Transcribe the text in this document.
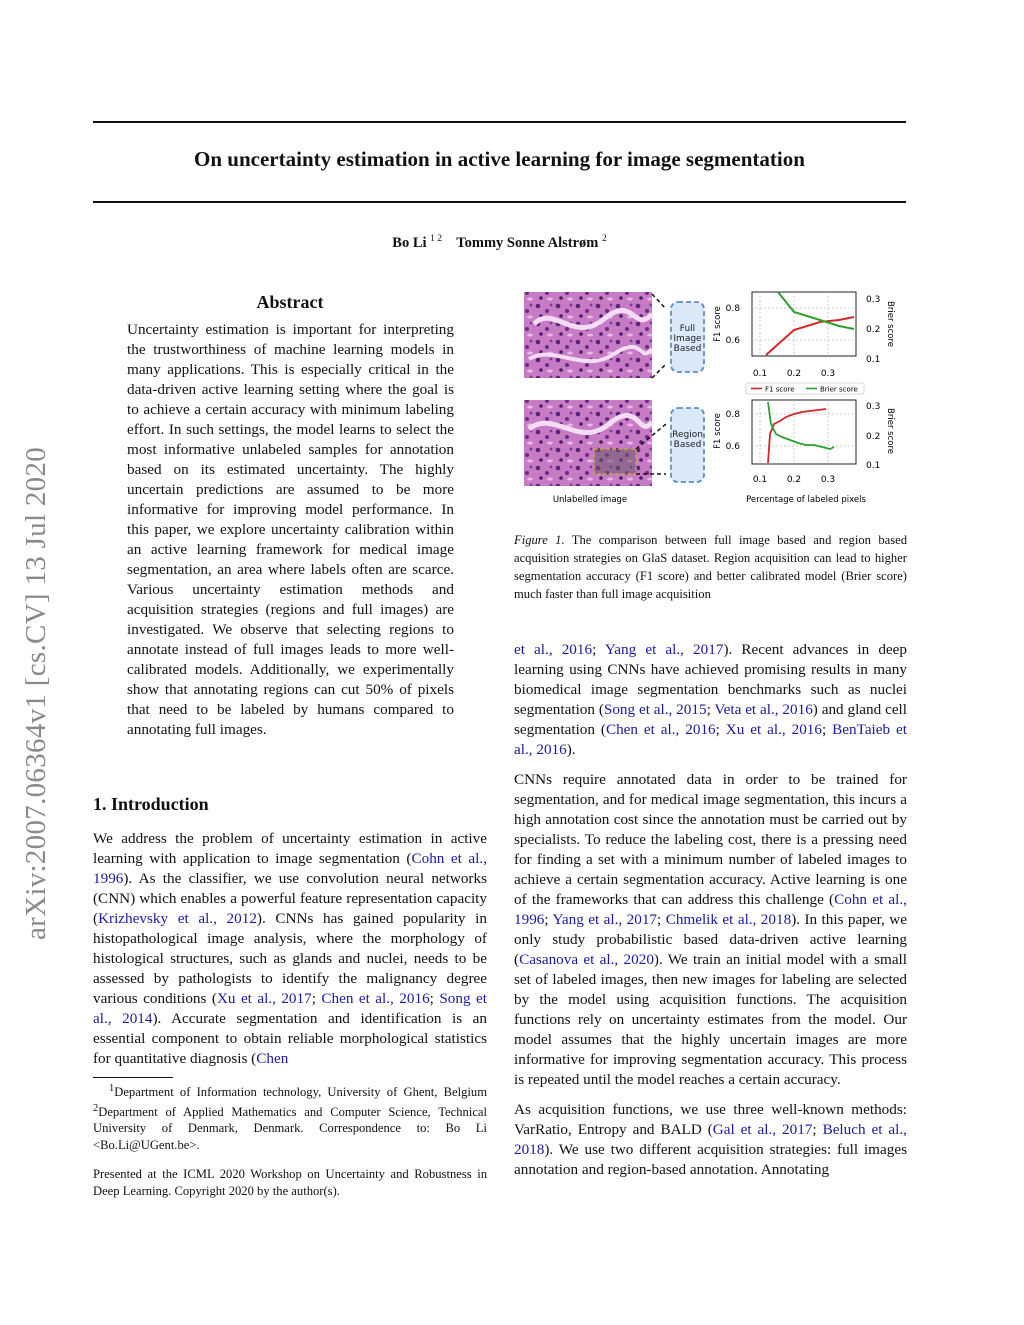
On uncertainty estimation in active learning for image segmentation
Bo Li $^{1 2}$ Tommy Sonne Alstrøm $^2$
arXiv:2007.06364v1 [cs.CV] 13 Jul 2020
Abstract

Uncertainty estimation is important for interpreting the trustworthiness of machine learning models in many applications. This is especially critical in the data-driven active learning setting where the goal is to achieve a certain accuracy with minimum labeling effort. In such settings, the model learns to select the most informative unlabeled samples for annotation based on its estimated uncertainty. The highly uncertain predictions are assumed to be more informative for improving model performance. In this paper, we explore uncertainty calibration within an active learning framework for medical image segmentation, an area where labels often are scarce. Various uncertainty estimation methods and acquisition strategies (regions and full images) are investigated. We observe that selecting regions to annotate instead of full images leads to more well-calibrated models. Additionally, we experimentally show that annotating regions can cut 50% of pixels that need to be labeled by humans compared to annotating full images.

1. Introduction

We address the problem of uncertainty estimation in active learning with application to image segmentation (Cohn et al., 1996). As the classifier, we use convolution neural networks (CNN) which enables a powerful feature representation capacity (Krizhevsky et al., 2012). CNNs has gained popularity in histopathological image analysis, where the morphology of histological structures, such as glands and nuclei, needs to be assessed by pathologists to identify the malignancy degree various conditions (Xu et al., 2017; Chen et al., 2016; Song et al., 2014). Accurate segmentation and identification is an essential component to obtain reliable morphological statistics for quantitative diagnosis (Chen

$^1$Department of Information technology, University of Ghent, Belgium $^2$Department of Applied Mathematics and Computer Science, Technical University of Denmark, Denmark. Correspondence to: Bo Li <Bo.Li@UGent.be>.

Presented at the ICML 2020 Workshop on Uncertainty and Robustness in Deep Learning. Copyright 2020 by the author(s).

Full
Image
Based
Region
Based
0.8
0.6
0.3
0.2
0.1
0.1 0.2 0.3
F1 score	Brier score
F1 score	Brier score
0.8
0.6
0.3
0.2
0.1
0.1 0.2 0.3
F1 score	Brier score
Unlabelled image	Percentage of labeled pixels

Figure 1. The comparison between full image based and region based acquisition strategies on GlaS dataset. Region acquisition can lead to higher segmentation accuracy (F1 score) and better calibrated model (Brier score) much faster than full image acquisition

et al., 2016; Yang et al., 2017). Recent advances in deep learning using CNNs have achieved promising results in many biomedical image segmentation benchmarks such as nuclei segmentation (Song et al., 2015; Veta et al., 2016) and gland cell segmentation (Chen et al., 2016; Xu et al., 2016; BenTaieb et al., 2016).

CNNs require annotated data in order to be trained for segmentation, and for medical image segmentation, this incurs a high annotation cost since the annotation must be carried out by specialists. To reduce the labeling cost, there is a pressing need for finding a set with a minimum number of labeled images to achieve a certain segmentation accuracy. Active learning is one of the frameworks that can address this challenge (Cohn et al., 1996; Yang et al., 2017; Chmelik et al., 2018). In this paper, we only study probabilistic based data-driven active learning (Casanova et al., 2020). We train an initial model with a small set of labeled images, then new images for labeling are selected by the model using acquisition functions. The acquisition functions rely on uncertainty estimates from the model. Our model assumes that the highly uncertain images are more informative for improving segmentation accuracy. This process is repeated until the model reaches a certain accuracy.

As acquisition functions, we use three well-known methods: VarRatio, Entropy and BALD (Gal et al., 2017; Beluch et al., 2018). We use two different acquisition strategies: full images annotation and region-based annotation. Annotating
